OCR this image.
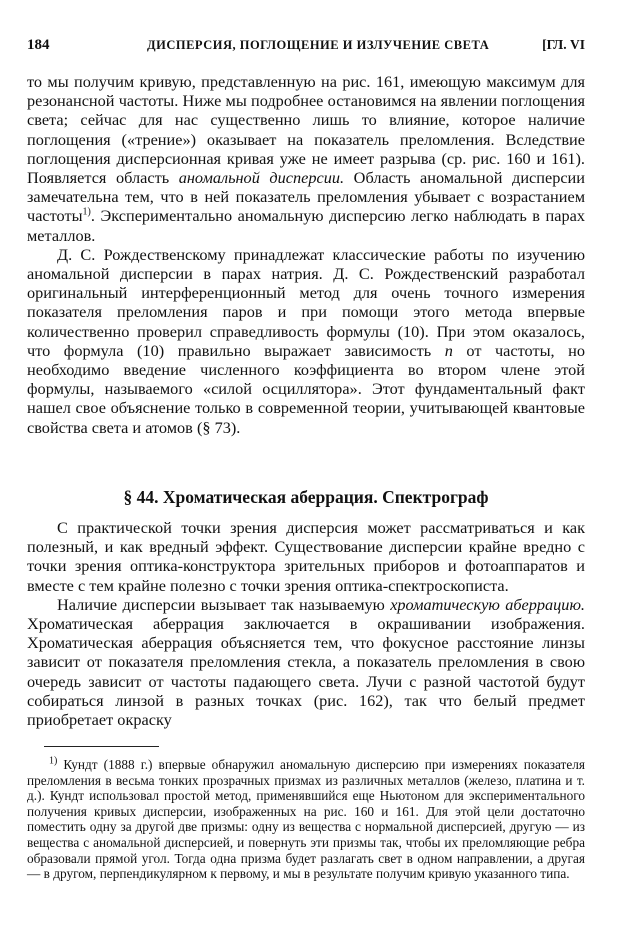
184	ДИСПЕРСИЯ, ПОГЛОЩЕНИЕ И ИЗЛУЧЕНИЕ СВЕТА	[ГЛ. VI

то мы получим кривую, представленную на рис. 161, имеющую максимум для резонансной частоты. Ниже мы подробнее остановимся на явлении поглощения света; сейчас для нас существенно лишь то влияние, которое наличие поглощения («трение») оказывает на показатель преломления. Вследствие поглощения дисперсионная кривая уже не имеет разрыва (ср. рис. 160 и 161). Появляется область аномальной дисперсии. Область аномальной дисперсии замечательна тем, что в ней показатель преломления убывает с возрастанием частоты$^{1)}$. Экспериментально аномальную дисперсию легко наблюдать в парах металлов.

Д. С. Рождественскому принадлежат классические работы по изучению аномальной дисперсии в парах натрия. Д. С. Рождественский разработал оригинальный интерференционный метод для очень точного измерения показателя преломления паров и при помощи этого метода впервые количественно проверил справедливость формулы (10). При этом оказалось, что формула (10) правильно выражает зависимость n от частоты, но необходимо введение численного коэффициента во втором члене этой формулы, называемого «силой осциллятора». Этот фундаментальный факт нашел свое объяснение только в современной теории, учитывающей квантовые свойства света и атомов (§ 73).

§ 44. Хроматическая аберрация. Спектрограф

С практической точки зрения дисперсия может рассматриваться и как полезный, и как вредный эффект. Существование дисперсии крайне вредно с точки зрения оптика-конструктора зрительных приборов и фотоаппаратов и вместе с тем крайне полезно с точки зрения оптика-спектроскописта.

Наличие дисперсии вызывает так называемую хроматическую аберрацию. Хроматическая аберрация заключается в окрашивании изображения. Хроматическая аберрация объясняется тем, что фокусное расстояние линзы зависит от показателя преломления стекла, а показатель преломления в свою очередь зависит от частоты падающего света. Лучи с разной частотой будут собираться линзой в разных точках (рис. 162), так что белый предмет приобретает окраску

$^{1)}$ Кундт (1888 г.) впервые обнаружил аномальную дисперсию при измерениях показателя преломления в весьма тонких прозрачных призмах из различных металлов (железо, платина и т. д.). Кундт использовал простой метод, применявшийся еще Ньютоном для экспериментального получения кривых дисперсии, изображенных на рис. 160 и 161. Для этой цели достаточно поместить одну за другой две призмы: одну из вещества с нормальной дисперсией, другую — из вещества с аномальной дисперсией, и повернуть эти призмы так, чтобы их преломляющие ребра образовали прямой угол. Тогда одна призма будет разлагать свет в одном направлении, а другая — в другом, перпендикулярном к первому, и мы в результате получим кривую указанного типа.
